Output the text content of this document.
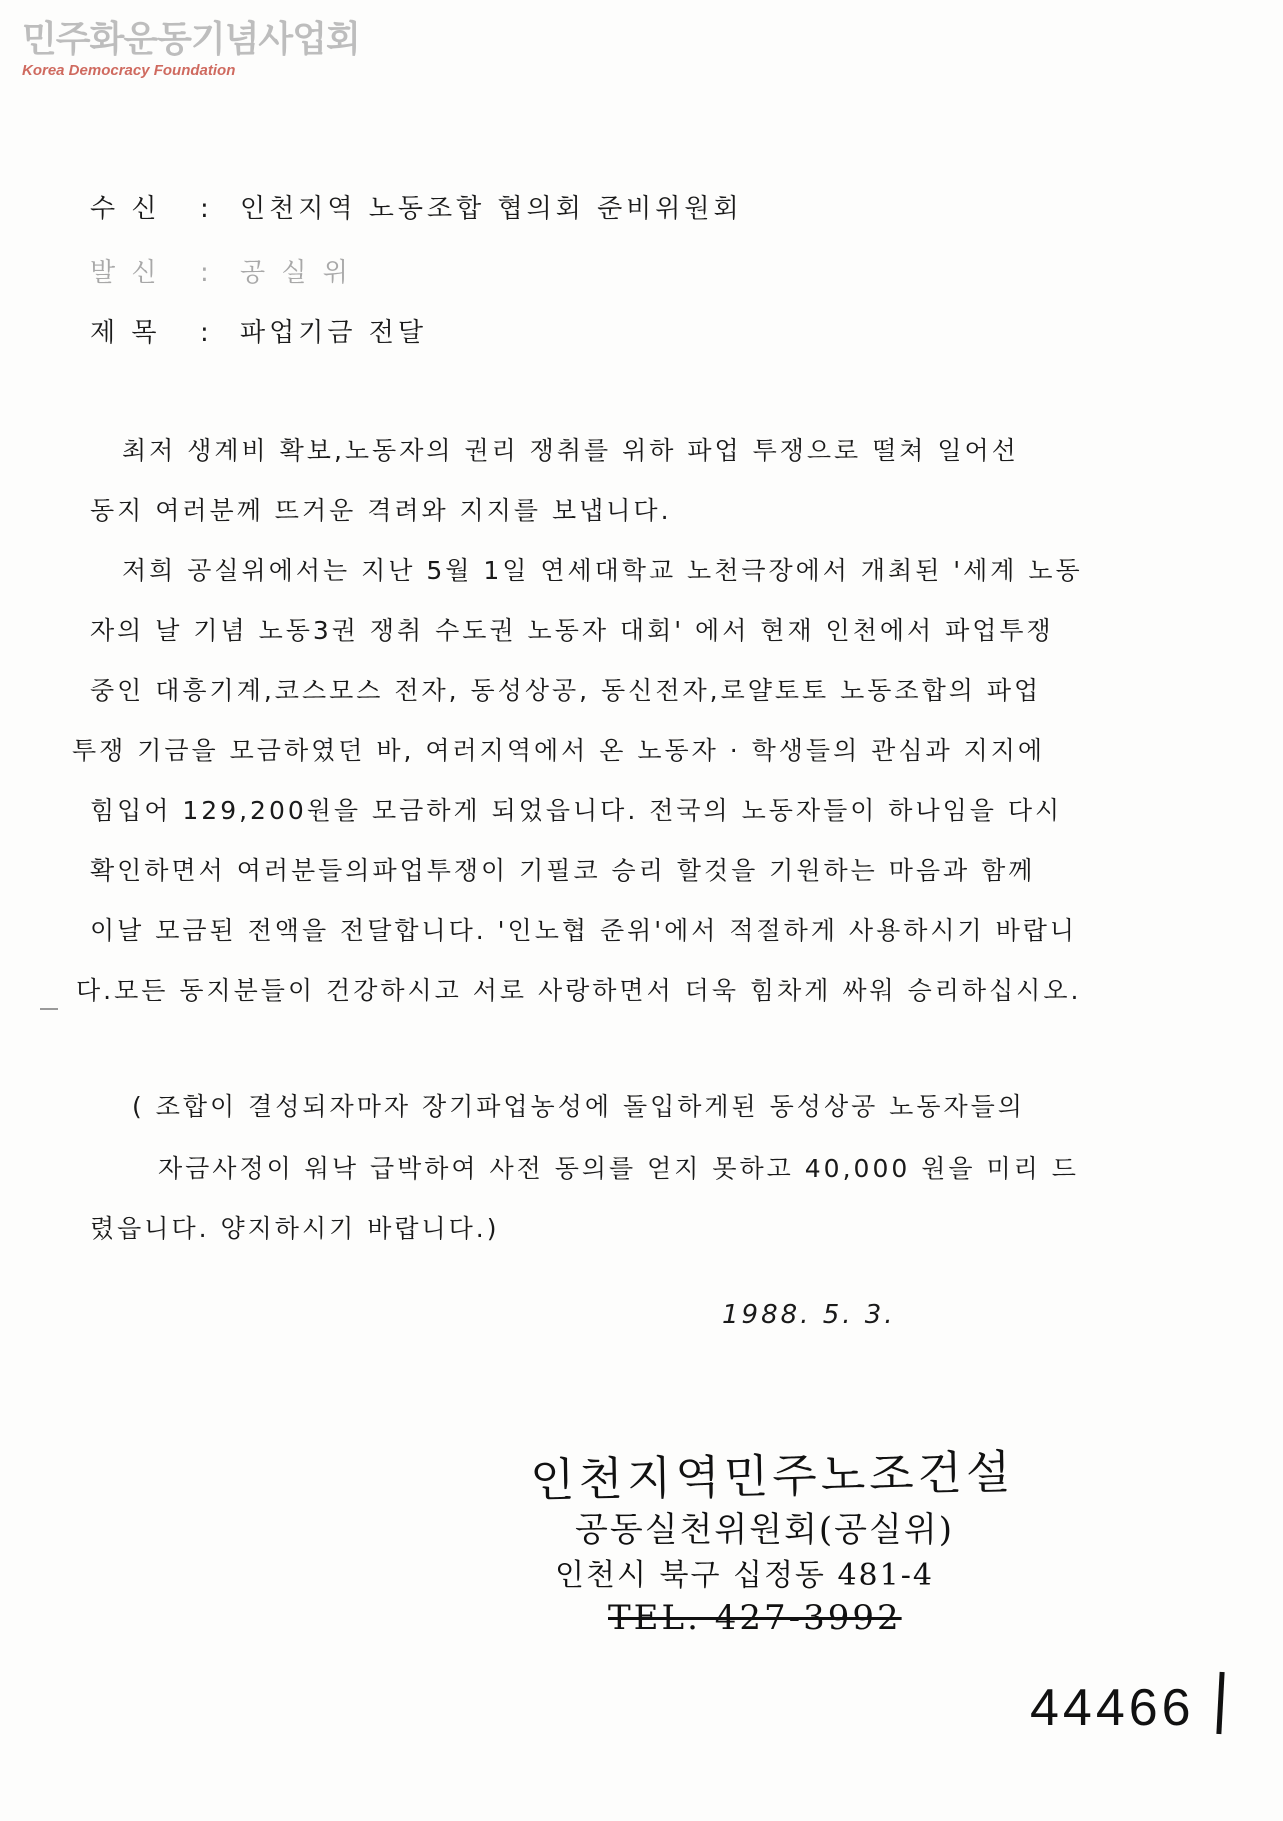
민주화운동기념사업회
Korea Democracy Foundation
수 신 : 인천지역 노동조합 협의회 준비위원회
발 신 : 공 실 위
제 목 : 파업기금 전달
최저 생계비 확보,노동자의 권리 쟁취를 위하 파업 투쟁으로 떨쳐 일어선
동지 여러분께 뜨거운 격려와 지지를 보냅니다.
저희 공실위에서는 지난 5월 1일 연세대학교 노천극장에서 개최된 '세계 노동
자의 날 기념 노동3권 쟁취 수도권 노동자 대회' 에서 현재 인천에서 파업투쟁
중인 대흥기계,코스모스 전자, 동성상공, 동신전자,로얄토토 노동조합의 파업
투쟁 기금을 모금하였던 바, 여러지역에서 온 노동자 · 학생들의 관심과 지지에
힘입어 129,200원을 모금하게 되었읍니다. 전국의 노동자들이 하나임을 다시
확인하면서 여러분들의파업투쟁이 기필코 승리 할것을 기원하는 마음과 함께
이날 모금된 전액을 전달합니다. '인노협 준위'에서 적절하게 사용하시기 바랍니
다.모든 동지분들이 건강하시고 서로 사랑하면서 더욱 힘차게 싸워 승리하십시오.
( 조합이 결성되자마자 장기파업농성에 돌입하게된 동성상공 노동자들의
자금사정이 워낙 급박하여 사전 동의를 얻지 못하고 40,000 원을 미리 드
렸읍니다. 양지하시기 바랍니다.)
1988. 5. 3.
인천지역민주노조건설
공동실천위원회(공실위)
인천시 북구 십정동 481-4
TEL. 427-3992
44466
